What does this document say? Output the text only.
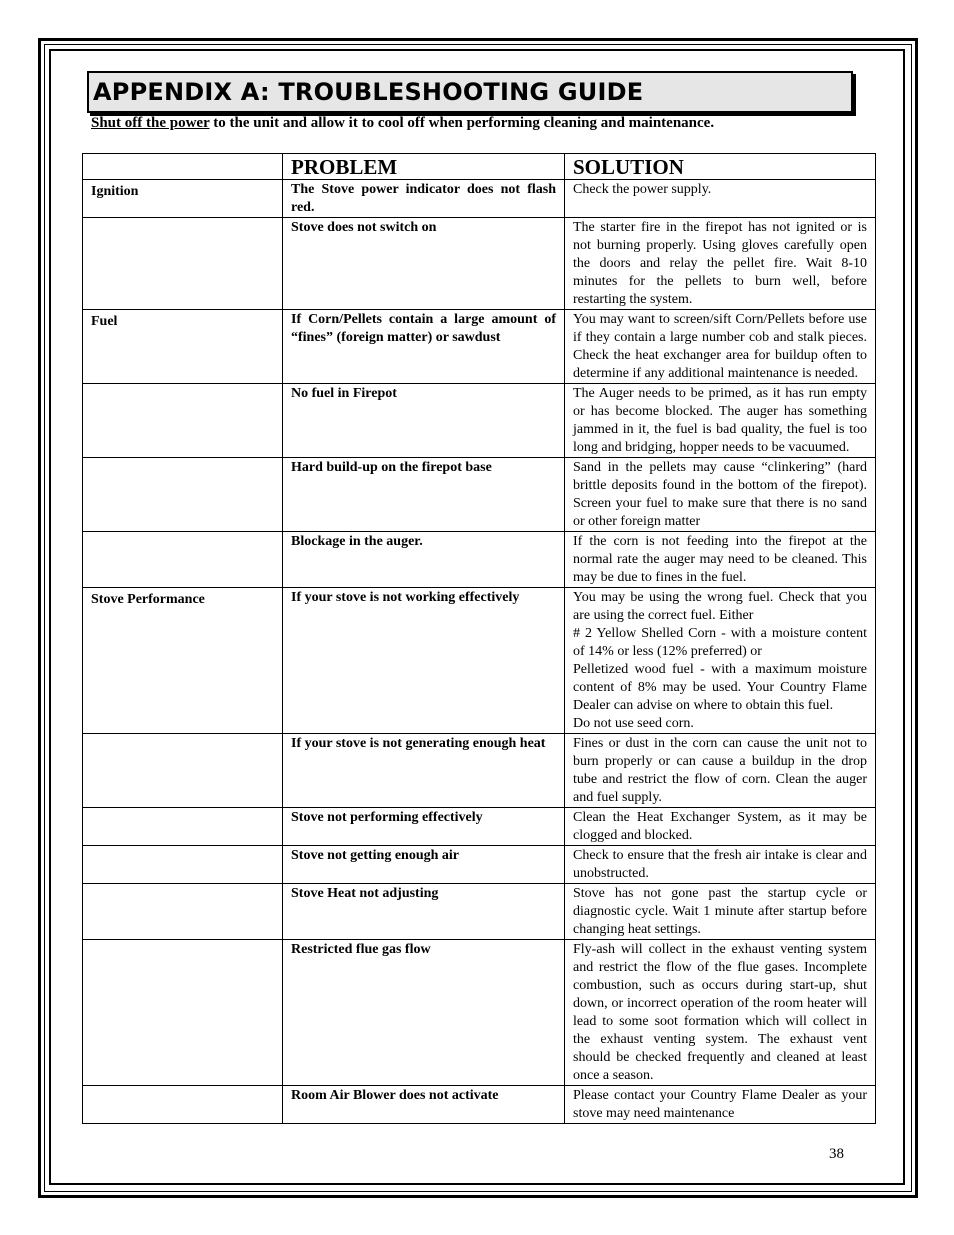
APPENDIX A: TROUBLESHOOTING GUIDE
Shut off the power to the unit and allow it to cool off when performing cleaning and maintenance.
	PROBLEM	SOLUTION
Ignition	The Stove power indicator does not flash red.	Check the power supply.
	Stove does not switch on	The starter fire in the firepot has not ignited or is not burning properly. Using gloves carefully open the doors and relay the pellet fire. Wait 8-10 minutes for the pellets to burn well, before restarting the system.
Fuel	If Corn/Pellets contain a large amount of “fines” (foreign matter) or sawdust	You may want to screen/sift Corn/Pellets before use if they contain a large number cob and stalk pieces. Check the heat exchanger area for buildup often to determine if any additional maintenance is needed.
	No fuel in Firepot	The Auger needs to be primed, as it has run empty or has become blocked. The auger has something jammed in it, the fuel is bad quality, the fuel is too long and bridging, hopper needs to be vacuumed.
	Hard build-up on the firepot base	Sand in the pellets may cause “clinkering” (hard brittle deposits found in the bottom of the firepot). Screen your fuel to make sure that there is no sand or other foreign matter
	Blockage in the auger.	If the corn is not feeding into the firepot at the normal rate the auger may need to be cleaned. This may be due to fines in the fuel.
Stove Performance	If your stove is not working effectively	You may be using the wrong fuel. Check that you are using the correct fuel. Either
# 2 Yellow Shelled Corn - with a moisture content of 14% or less (12% preferred) or
Pelletized wood fuel - with a maximum moisture content of 8% may be used. Your Country Flame Dealer can advise on where to obtain this fuel.
Do not use seed corn.
	If your stove is not generating enough heat	Fines or dust in the corn can cause the unit not to burn properly or can cause a buildup in the drop tube and restrict the flow of corn. Clean the auger and fuel supply.
	Stove not performing effectively	Clean the Heat Exchanger System, as it may be clogged and blocked.
	Stove not getting enough air	Check to ensure that the fresh air intake is clear and unobstructed.
	Stove Heat not adjusting	Stove has not gone past the startup cycle or diagnostic cycle. Wait 1 minute after startup before changing heat settings.
	Restricted flue gas flow	Fly-ash will collect in the exhaust venting system and restrict the flow of the flue gases. Incomplete combustion, such as occurs during start-up, shut down, or incorrect operation of the room heater will lead to some soot formation which will collect in the exhaust venting system. The exhaust vent should be checked frequently and cleaned at least once a season.
	Room Air Blower does not activate	Please contact your Country Flame Dealer as your stove may need maintenance
38
